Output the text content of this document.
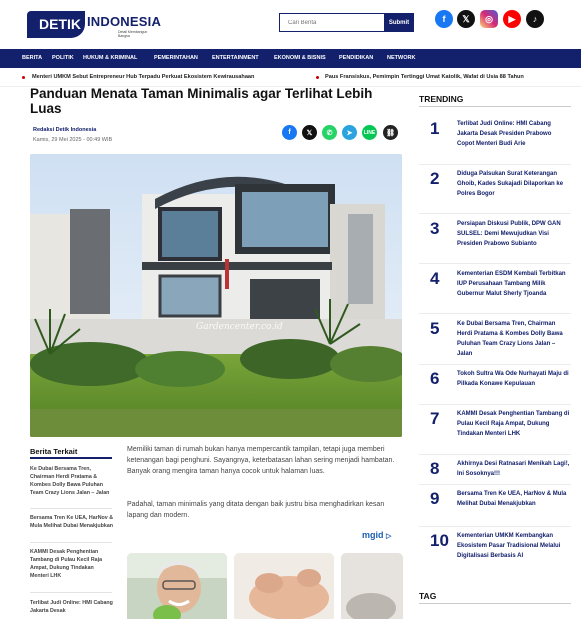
DETIK INDONESIA
Detail Membangun Bangsa
Cari Berita
Submit	f	𝕏	◎	▶	♪
BERITA POLITIK HUKUM & KRIMINAL	PEMERINTAHAN	ENTERTAINMENT	EKONOMI & BISNIS PENDIDIKAN	NETWORK
Menteri UMKM Sebut Entrepreneur Hub Terpadu Perkuat Ekosistem Kewirausahaan	Paus Fransiskus, Pemimpin Tertinggi Umat Katolik, Wafat di Usia 88 Tahun
Panduan Menata Taman Minimalis agar Terlihat Lebih Luas
Redaksi Detik Indonesia
Kamis, 29 Mei 2025 - 00:49 WIB
f	𝕏	✆	➤	LINE	⛓
Gardencenter.co.id
Berita Terkait
Ke Dubai Bersama Tren, Chairman Herdi Pratama & Kombes Dolly Bawa Puluhan Team Crazy Lions Jalan – Jalan
Bersama Tren Ke UEA, HarNov & Mula Melihat Dubai Menakjubkan
KAMMI Desak Penghentian Tambang di Pulau Kecil Raja Ampat, Dukung Tindakan Menteri LHK
Terlibat Judi Online: HMI Cabang Jakarta Desak
Memiliki taman di rumah bukan hanya mempercantik tampilan, tetapi juga memberi ketenangan bagi penghuni. Sayangnya, keterbatasan lahan sering menjadi hambatan. Banyak orang mengira taman hanya cocok untuk halaman luas.
Padahal, taman minimalis yang ditata dengan baik justru bisa menghadirkan kesan lapang dan modern.
mgid ▷
TRENDING
1	Terlibat Judi Online: HMI Cabang Jakarta Desak Presiden Prabowo Copot Menteri Budi Arie
2	Diduga Palsukan Surat Keterangan Ghoib, Kades Sukajadi Dilaporkan ke Polres Bogor
3	Persiapan Diskusi Publik, DPW GAN SULSEL: Demi Mewujudkan Visi Presiden Prabowo Subianto
4	Kementerian ESDM Kembali Terbitkan IUP Perusahaan Tambang Milik Gubernur Malut Sherly Tjoanda
5	Ke Dubai Bersama Tren, Chairman Herdi Pratama & Kombes Dolly Bawa Puluhan Team Crazy Lions Jalan – Jalan
6	Tokoh Sultra Wa Ode Nurhayati Maju di Pilkada Konawe Kepulauan
7	KAMMI Desak Penghentian Tambang di Pulau Kecil Raja Ampat, Dukung Tindakan Menteri LHK
8	Akhirnya Desi Ratnasari Menikah Lagi!, Ini Sosoknya!!!
9	Bersama Tren Ke UEA, HarNov & Mula Melihat Dubai Menakjubkan
10 Kementerian UMKM Kembangkan Ekosistem Pasar Tradisional Melalui Digitalisasi Berbasis AI
TAG
